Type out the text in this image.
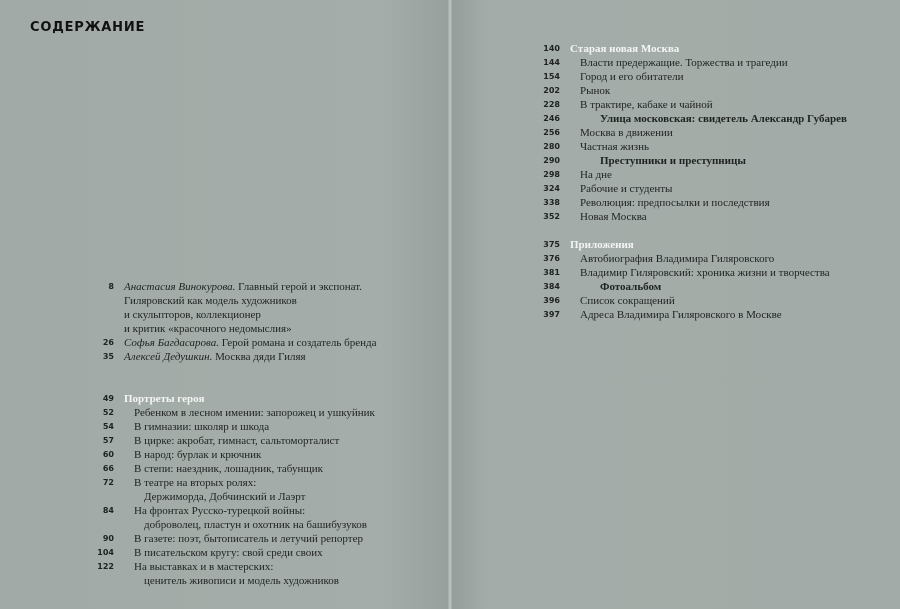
СОДЕРЖАНИЕ
8 Анастасия Винокурова. Главный герой и экспонат.
Гиляровский как модель художников
и скульпторов, коллекционер
и критик «красочного недомыслия»
26 Софья Багдасарова. Герой романа и создатель бренда
35 Алексей Дедушкин. Москва дяди Гиляя
49 Портреты героя
52	Ребенком в лесном имении: запорожец и ушкуйник
54	В гимназии: школяр и шкода
57	В цирке: акробат, гимнаст, сальтоморталист
60	В народ: бурлак и крючник
66	В степи: наездник, лошадник, табунщик
72	В театре на вторых ролях:
Держиморда, Добчинский и Лаэрт
84	На фронтах Русско-турецкой войны:
доброволец, пластун и охотник на башибузуков
90	В газете: поэт, бытописатель и летучий репортер
104	В писательском кругу: свой среди своих
122	На выставках и в мастерских:
ценитель живописи и модель художников
140 Старая новая Москва
144	Власти предержащие. Торжества и трагедии
154	Город и его обитатели
202	Рынок
228	В трактире, кабаке и чайной
246	Улица московская: свидетель Александр Губарев
256	Москва в движении
280	Частная жизнь
290	Преступники и преступницы
298	На дне
324	Рабочие и студенты
338	Революция: предпосылки и последствия
352	Новая Москва
375 Приложения
376	Автобиография Владимира Гиляровского
381	Владимир Гиляровский: хроника жизни и творчества
384	Фотоальбом
396	Список сокращений
397	Адреса Владимира Гиляровского в Москве
